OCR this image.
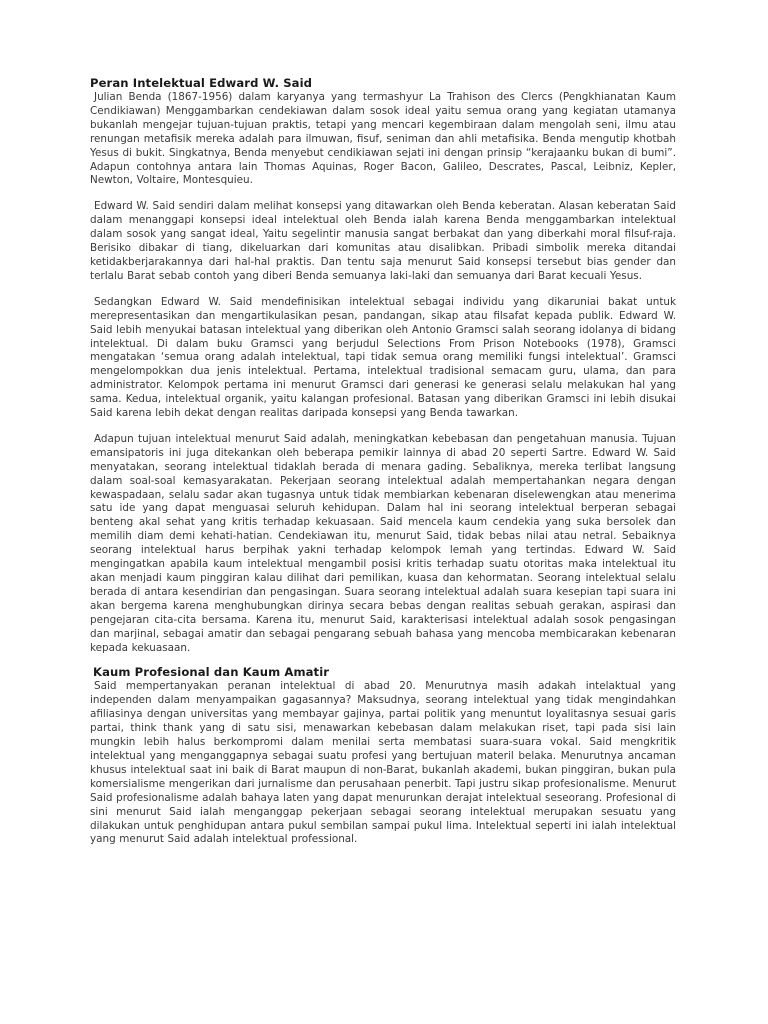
Peran Intelektual Edward W. Said

Julian Benda (1867-1956) dalam karyanya yang termashyur La Trahison des Clercs (Pengkhianatan Kaum Cendikiawan) Menggambarkan cendekiawan dalam sosok ideal yaitu semua orang yang kegiatan utamanya bukanlah mengejar tujuan-tujuan praktis, tetapi yang mencari kegembiraan dalam mengolah seni, ilmu atau renungan metafisik mereka adalah para ilmuwan, fisuf, seniman dan ahli metafisika. Benda mengutip khotbah Yesus di bukit. Singkatnya, Benda menyebut cendikiawan sejati ini dengan prinsip “kerajaanku bukan di bumi”. Adapun contohnya antara lain Thomas Aquinas, Roger Bacon, Galileo, Descrates, Pascal, Leibniz, Kepler, Newton, Voltaire, Montesquieu.

Edward W. Said sendiri dalam melihat konsepsi yang ditawarkan oleh Benda keberatan. Alasan keberatan Said dalam menanggapi konsepsi ideal intelektual oleh Benda ialah karena Benda menggambarkan intelektual dalam sosok yang sangat ideal, Yaitu segelintir manusia sangat berbakat dan yang diberkahi moral filsuf-raja. Berisiko dibakar di tiang, dikeluarkan dari komunitas atau disalibkan. Pribadi simbolik mereka ditandai ketidakberjarakannya dari hal-hal praktis. Dan tentu saja menurut Said konsepsi tersebut bias gender dan terlalu Barat sebab contoh yang diberi Benda semuanya laki-laki dan semuanya dari Barat kecuali Yesus.

Sedangkan Edward W. Said mendefinisikan intelektual sebagai individu yang dikaruniai bakat untuk merepresentasikan dan mengartikulasikan pesan, pandangan, sikap atau filsafat kepada publik. Edward W. Said lebih menyukai batasan intelektual yang diberikan oleh Antonio Gramsci salah seorang idolanya di bidang intelektual. Di dalam buku Gramsci yang berjudul Selections From Prison Notebooks (1978), Gramsci mengatakan ‘semua orang adalah intelektual, tapi tidak semua orang memiliki fungsi intelektual’. Gramsci mengelompokkan dua jenis intelektual. Pertama, intelektual tradisional semacam guru, ulama, dan para administrator. Kelompok pertama ini menurut Gramsci dari generasi ke generasi selalu melakukan hal yang sama. Kedua, intelektual organik, yaitu kalangan profesional. Batasan yang diberikan Gramsci ini lebih disukai Said karena lebih dekat dengan realitas daripada konsepsi yang Benda tawarkan.

Adapun tujuan intelektual menurut Said adalah, meningkatkan kebebasan dan pengetahuan manusia. Tujuan emansipatoris ini juga ditekankan oleh beberapa pemikir lainnya di abad 20 seperti Sartre. Edward W. Said menyatakan, seorang intelektual tidaklah berada di menara gading. Sebaliknya, mereka terlibat langsung dalam soal-soal kemasyarakatan. Pekerjaan seorang intelektual adalah mempertahankan negara dengan kewaspadaan, selalu sadar akan tugasnya untuk tidak membiarkan kebenaran diselewengkan atau menerima satu ide yang dapat menguasai seluruh kehidupan. Dalam hal ini seorang intelektual berperan sebagai benteng akal sehat yang kritis terhadap kekuasaan. Said mencela kaum cendekia yang suka bersolek dan memilih diam demi kehati-hatian. Cendekiawan itu, menurut Said, tidak bebas nilai atau netral. Sebaiknya seorang intelektual harus berpihak yakni terhadap kelompok lemah yang tertindas. Edward W. Said mengingatkan apabila kaum intelektual mengambil posisi kritis terhadap suatu otoritas maka intelektual itu akan menjadi kaum pinggiran kalau dilihat dari pemilikan, kuasa dan kehormatan. Seorang intelektual selalu berada di antara kesendirian dan pengasingan. Suara seorang intelektual adalah suara kesepian tapi suara ini akan bergema karena menghubungkan dirinya secara bebas dengan realitas sebuah gerakan, aspirasi dan pengejaran cita-cita bersama. Karena itu, menurut Said, karakterisasi intelektual adalah sosok pengasingan dan marjinal, sebagai amatir dan sebagai pengarang sebuah bahasa yang mencoba membicarakan kebenaran kepada kekuasaan.

Kaum Profesional dan Kaum Amatir

Said mempertanyakan peranan intelektual di abad 20. Menurutnya masih adakah intelaktual yang independen dalam menyampaikan gagasannya? Maksudnya, seorang intelektual yang tidak mengindahkan afiliasinya dengan universitas yang membayar gajinya, partai politik yang menuntut loyalitasnya sesuai garis partai, think thank yang di satu sisi, menawarkan kebebasan dalam melakukan riset, tapi pada sisi lain mungkin lebih halus berkompromi dalam menilai serta membatasi suara-suara vokal. Said mengkritik intelektual yang menganggapnya sebagai suatu profesi yang bertujuan materil belaka. Menurutnya ancaman khusus intelektual saat ini baik di Barat maupun di non-Barat, bukanlah akademi, bukan pinggiran, bukan pula komersialisme mengerikan dari jurnalisme dan perusahaan penerbit. Tapi justru sikap profesionalisme. Menurut Said profesionalisme adalah bahaya laten yang dapat menurunkan derajat intelektual seseorang. Profesional di sini menurut Said ialah menganggap pekerjaan sebagai seorang intelektual merupakan sesuatu yang dilakukan untuk penghidupan antara pukul sembilan sampai pukul lima. Intelektual seperti ini ialah intelektual yang menurut Said adalah intelektual professional.
